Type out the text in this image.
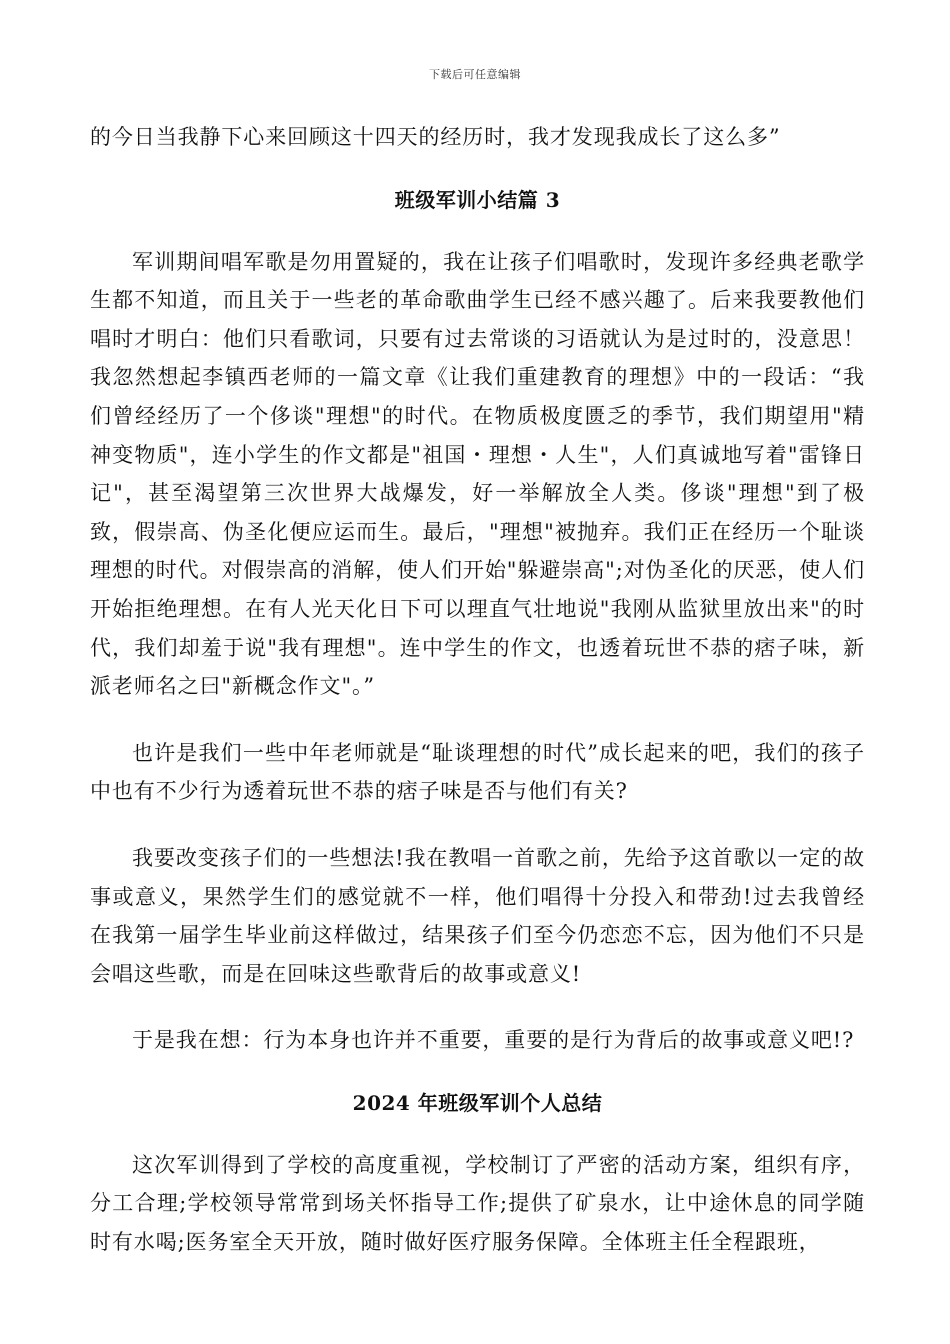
下载后可任意编辑

的今日当我静下心来回顾这十四天的经历时，我才发现我成长了这么多”

班级军训小结篇 3

军训期间唱军歌是勿用置疑的，我在让孩子们唱歌时，发现许多经典老歌学生都不知道，而且关于一些老的革命歌曲学生已经不感兴趣了。后来我要教他们唱时才明白：他们只看歌词，只要有过去常谈的习语就认为是过时的，没意思！　　我忽然想起李镇西老师的一篇文章《让我们重建教育的理想》中的一段话：“我们曾经经历了一个侈谈"理想"的时代。在物质极度匮乏的季节，我们期望用"精神变物质"，连小学生的作文都是"祖国・理想・人生"，人们真诚地写着"雷锋日记"，甚至渴望第三次世界大战爆发，好一举解放全人类。侈谈"理想"到了极致，假崇高、伪圣化便应运而生。最后，"理想"被抛弃。我们正在经历一个耻谈理想的时代。对假崇高的消解，使人们开始"躲避崇高";对伪圣化的厌恶，使人们开始拒绝理想。在有人光天化日下可以理直气壮地说"我刚从监狱里放出来"的时代，我们却羞于说"我有理想"。连中学生的作文，也透着玩世不恭的痞子味，新派老师名之曰"新概念作文"。”

也许是我们一些中年老师就是“耻谈理想的时代”成长起来的吧，我们的孩子中也有不少行为透着玩世不恭的痞子味是否与他们有关?

我要改变孩子们的一些想法!我在教唱一首歌之前，先给予这首歌以一定的故事或意义，果然学生们的感觉就不一样，他们唱得十分投入和带劲!过去我曾经在我第一届学生毕业前这样做过，结果孩子们至今仍恋恋不忘，因为他们不只是会唱这些歌，而是在回味这些歌背后的故事或意义!

于是我在想：行为本身也许并不重要，重要的是行为背后的故事或意义吧!?

2024 年班级军训个人总结

这次军训得到了学校的高度重视，学校制订了严密的活动方案，组织有序，分工合理;学校领导常常到场关怀指导工作;提供了矿泉水，让中途休息的同学随时有水喝;医务室全天开放，随时做好医疗服务保障。全体班主任全程跟班，
